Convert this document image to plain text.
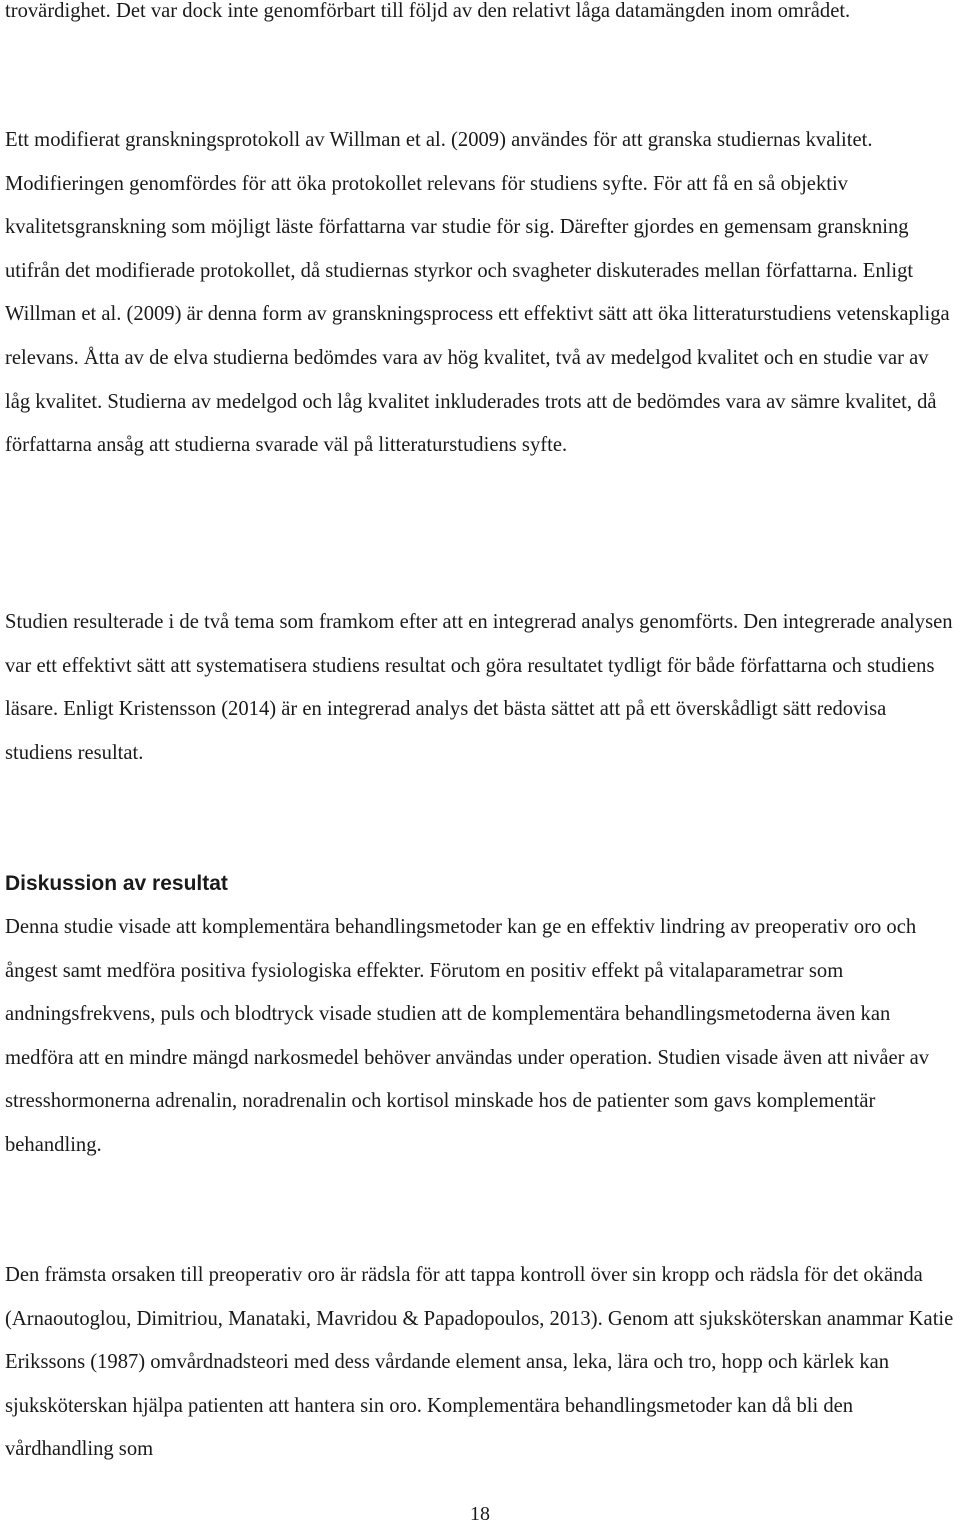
trovärdighet. Det var dock inte genomförbart till följd av den relativt låga datamängden inom området.

Ett modifierat granskningsprotokoll av Willman et al. (2009) användes för att granska studiernas kvalitet. Modifieringen genomfördes för att öka protokollet relevans för studiens syfte. För att få en så objektiv kvalitetsgranskning som möjligt läste författarna var studie för sig. Därefter gjordes en gemensam granskning utifrån det modifierade protokollet, då studiernas styrkor och svagheter diskuterades mellan författarna. Enligt Willman et al. (2009) är denna form av granskningsprocess ett effektivt sätt att öka litteraturstudiens vetenskapliga relevans. Åtta av de elva studierna bedömdes vara av hög kvalitet, två av medelgod kvalitet och en studie var av låg kvalitet. Studierna av medelgod och låg kvalitet inkluderades trots att de bedömdes vara av sämre kvalitet, då författarna ansåg att studierna svarade väl på litteraturstudiens syfte.

Studien resulterade i de två tema som framkom efter att en integrerad analys genomförts. Den integrerade analysen var ett effektivt sätt att systematisera studiens resultat och göra resultatet tydligt för både författarna och studiens läsare. Enligt Kristensson (2014) är en integrerad analys det bästa sättet att på ett överskådligt sätt redovisa studiens resultat.

Diskussion av resultat

Denna studie visade att komplementära behandlingsmetoder kan ge en effektiv lindring av preoperativ oro och ångest samt medföra positiva fysiologiska effekter. Förutom en positiv effekt på vitalaparametrar som andningsfrekvens, puls och blodtryck visade studien att de komplementära behandlingsmetoderna även kan medföra att en mindre mängd narkosmedel behöver användas under operation. Studien visade även att nivåer av stresshormonerna adrenalin, noradrenalin och kortisol minskade hos de patienter som gavs komplementär behandling.

Den främsta orsaken till preoperativ oro är rädsla för att tappa kontroll över sin kropp och rädsla för det okända (Arnaoutoglou, Dimitriou, Manataki, Mavridou & Papadopoulos, 2013). Genom att sjuksköterskan anammar Katie Erikssons (1987) omvårdnadsteori med dess vårdande element ansa, leka, lära och tro, hopp och kärlek kan sjuksköterskan hjälpa patienten att hantera sin oro. Komplementära behandlingsmetoder kan då bli den vårdhandling som

18
